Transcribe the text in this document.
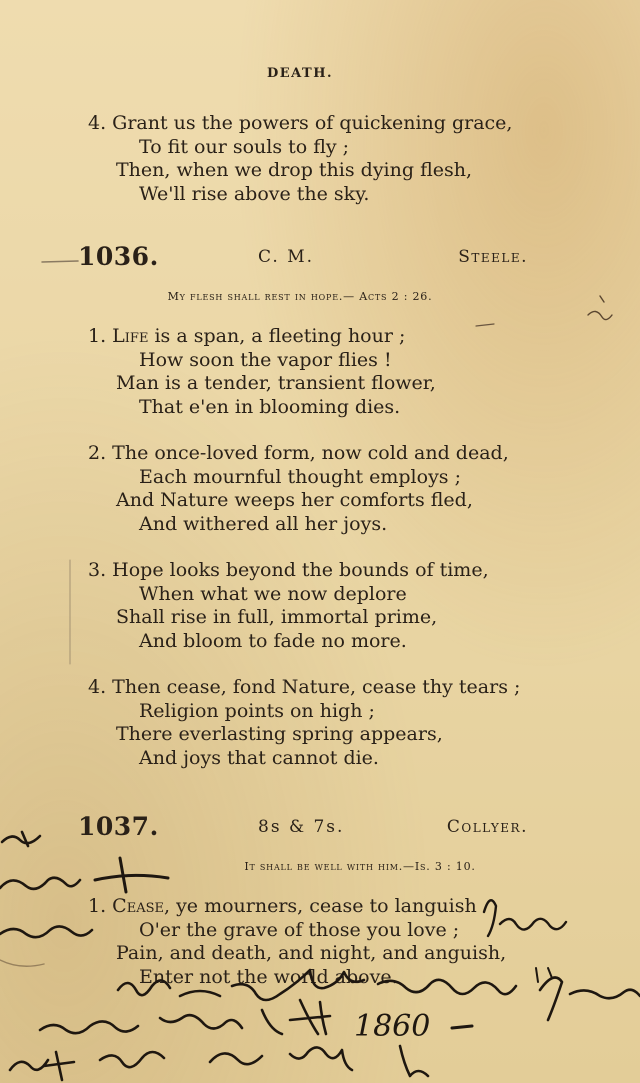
DEATH.
4. Grant us the powers of quickening grace,
To fit our souls to fly ;
Then, when we drop this dying flesh,
We'll rise above the sky.
1036.	C. M.	Steele.
My flesh shall rest in hope.— Acts 2 : 26.
1. Life is a span, a fleeting hour ;
How soon the vapor flies !
Man is a tender, transient flower,
That e'en in blooming dies.
2. The once-loved form, now cold and dead,
Each mournful thought employs ;
And Nature weeps her comforts fled,
And withered all her joys.
3. Hope looks beyond the bounds of time,
When what we now deplore
Shall rise in full, immortal prime,
And bloom to fade no more.
4. Then cease, fond Nature, cease thy tears ;
Religion points on high ;
There everlasting spring appears,
And joys that cannot die.
1037.	8s & 7s.	Collyer.
It shall be well with him.—Is. 3 : 10.
1. Cease, ye mourners, cease to languish
O'er the grave of those you love ;
Pain, and death, and night, and anguish,
Enter not the world above.
1860
